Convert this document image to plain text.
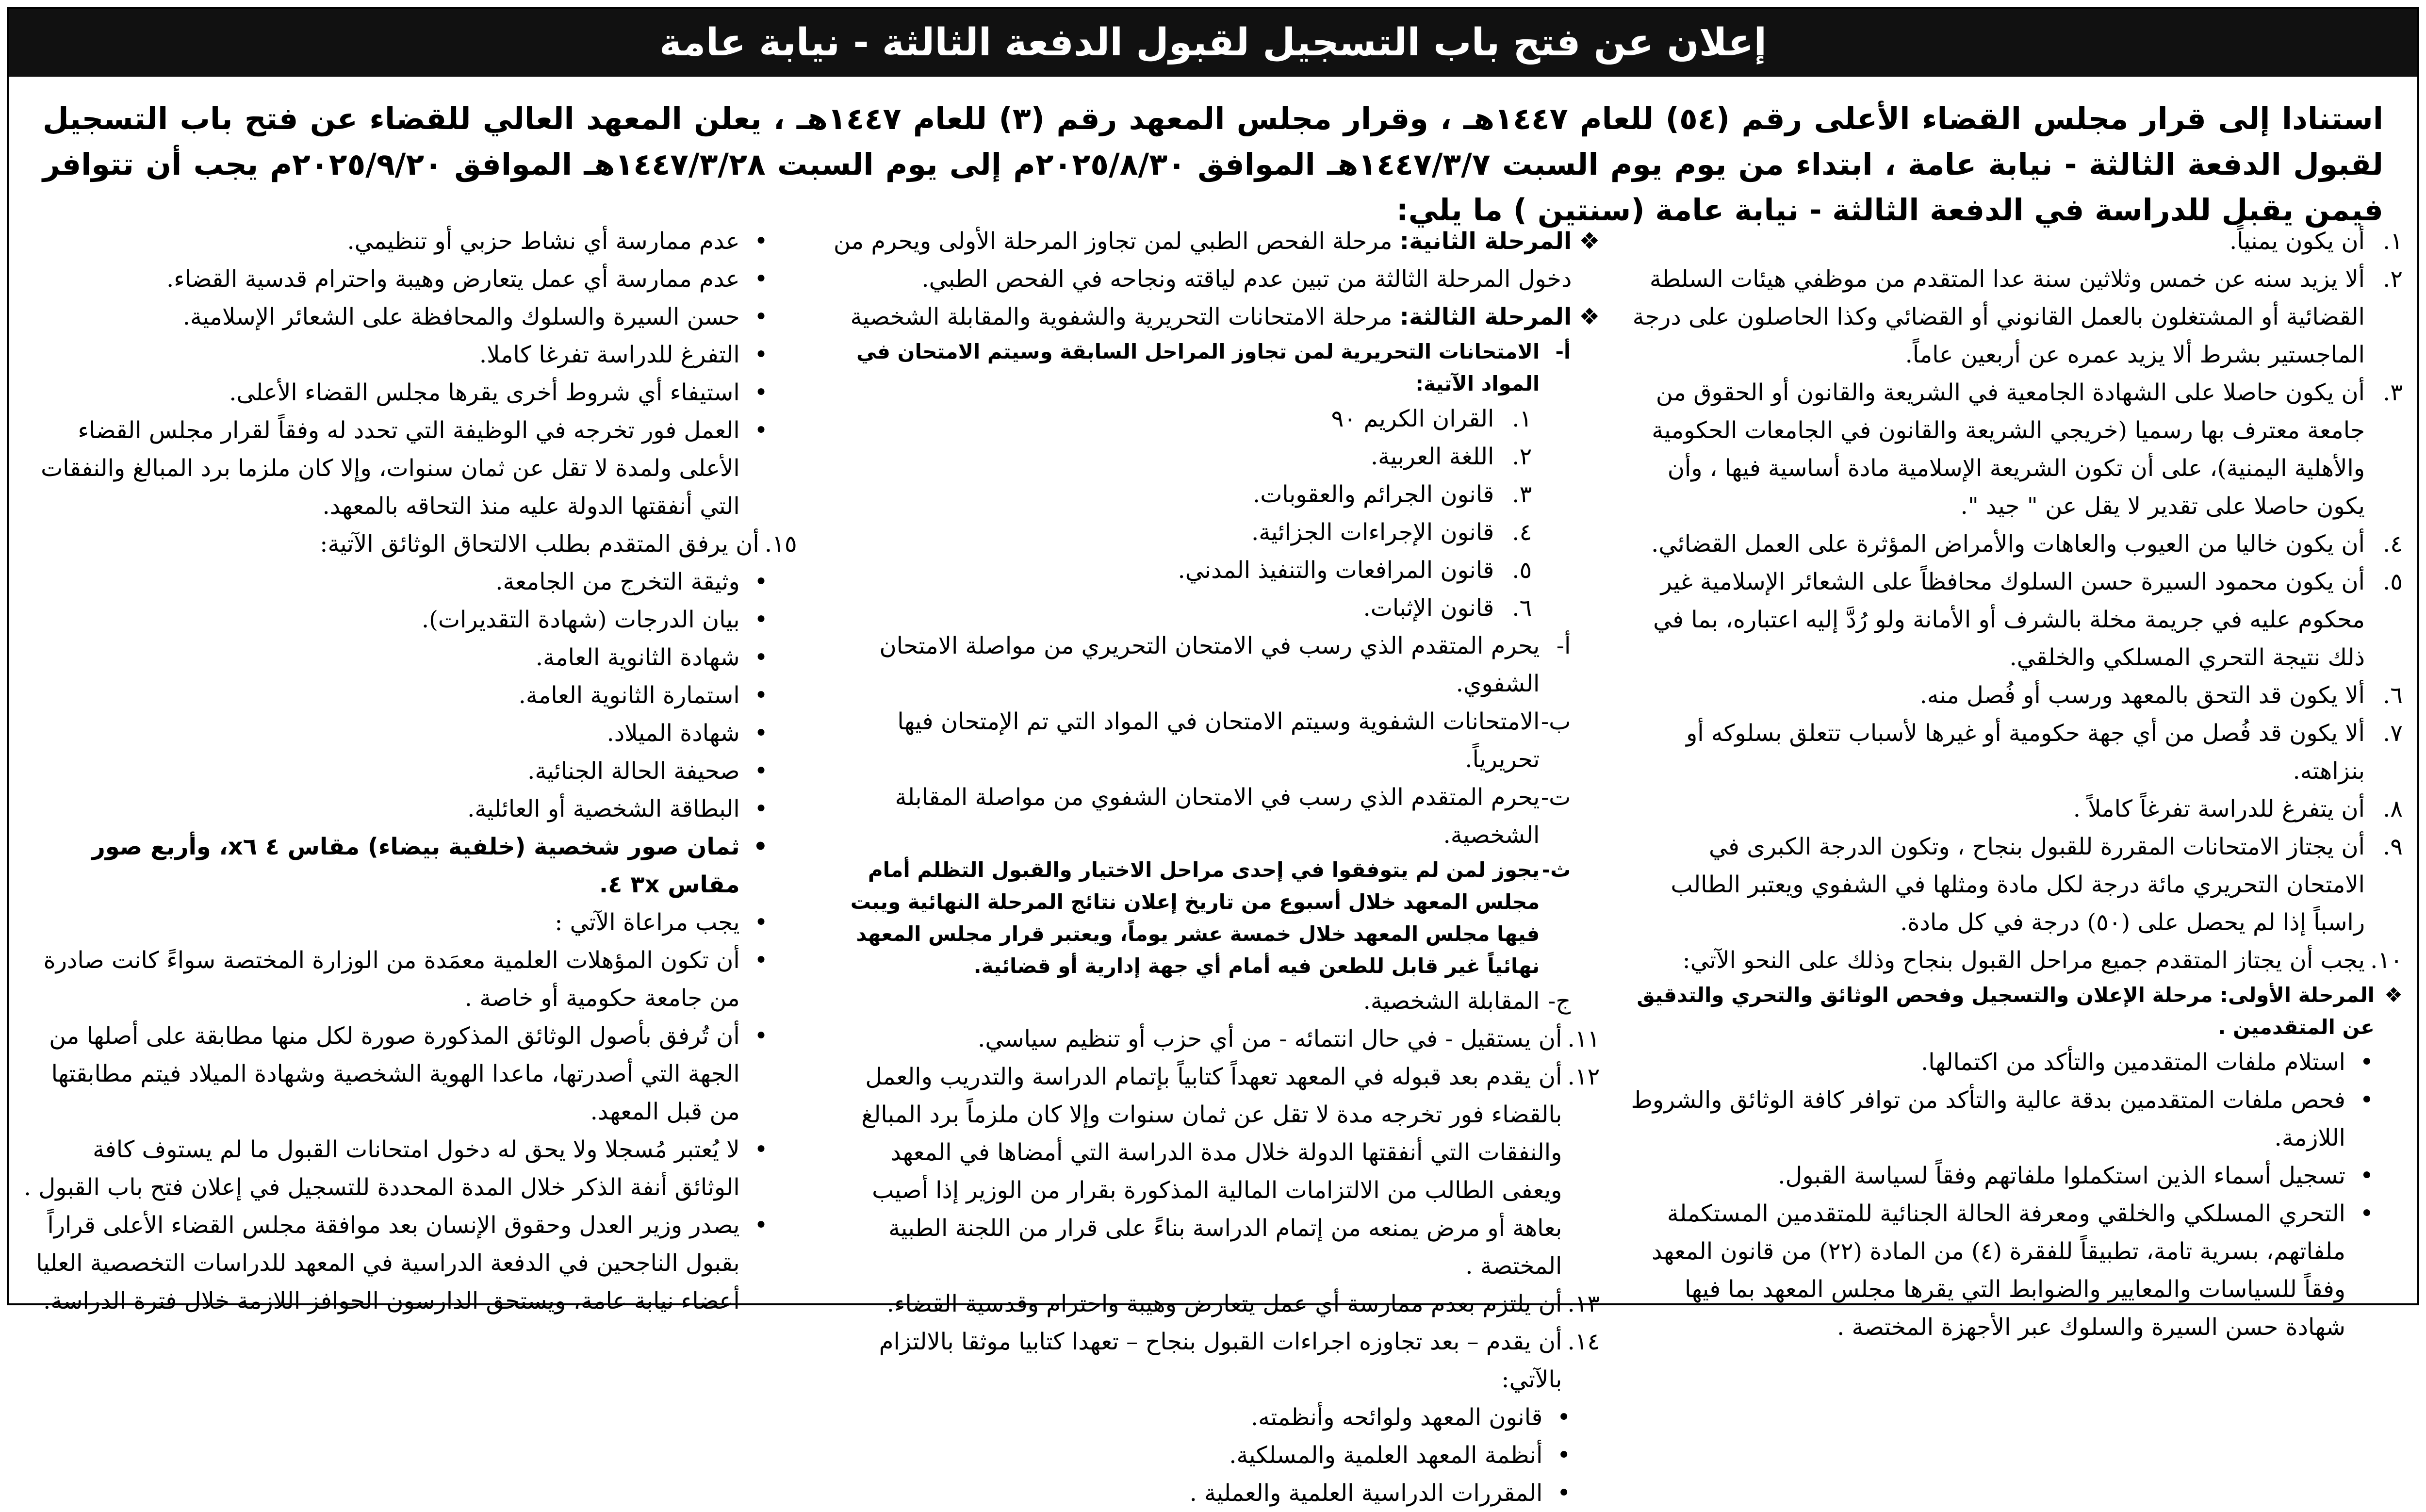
إعلان عن فتح باب التسجيل لقبول الدفعة الثالثة - نيابة عامة
استنادا إلى قرار مجلس القضاء الأعلى رقم (٥٤) للعام ١٤٤٧هـ ، وقرار مجلس المعهد رقم (٣) للعام ١٤٤٧هـ ، يعلن المعهد العالي للقضاء عن فتح باب التسجيل لقبول الدفعة الثالثة - نيابة عامة ، ابتداء من يوم يوم السبت ١٤٤٧/٣/٧هـ الموافق ٢٠٢٥/٨/٣٠م إلى يوم السبت ١٤٤٧/٣/٢٨هـ الموافق ٢٠٢٥/٩/٢٠م يجب أن تتوافر فيمن يقبل للدراسة في الدفعة الثالثة - نيابة عامة (سنتين ) ما يلي:
١.
أن يكون يمنياً.
٢.
ألا يزيد سنه عن خمس وثلاثين سنة عدا المتقدم من موظفي هيئات السلطة القضائية أو المشتغلون بالعمل القانوني أو القضائي وكذا الحاصلون على درجة الماجستير بشرط ألا يزيد عمره عن أربعين عاماً.
٣.
أن يكون حاصلا على الشهادة الجامعية في الشريعة والقانون أو الحقوق من جامعة معترف بها رسميا (خريجي الشريعة والقانون في الجامعات الحكومية والأهلية اليمنية)، على أن تكون الشريعة الإسلامية مادة أساسية فيها ، وأن يكون حاصلا على تقدير لا يقل عن " جيد ".
٤.
أن يكون خاليا من العيوب والعاهات والأمراض المؤثرة على العمل القضائي.
٥.
أن يكون محمود السيرة حسن السلوك محافظاً على الشعائر الإسلامية غير محكوم عليه في جريمة مخلة بالشرف أو الأمانة ولو رُدَّ إليه اعتباره، بما في ذلك نتيجة التحري المسلكي والخلقي.
٦.
ألا يكون قد التحق بالمعهد ورسب أو فُصل منه.
٧.
ألا يكون قد فُصل من أي جهة حكومية أو غيرها لأسباب تتعلق بسلوكه أو بنزاهته.
٨.
أن يتفرغ للدراسة تفرغاً كاملاً .
٩.
أن يجتاز الامتحانات المقررة للقبول بنجاح ، وتكون الدرجة الكبرى في الامتحان التحريري مائة درجة لكل مادة ومثلها في الشفوي ويعتبر الطالب راسباً إذا لم يحصل على (٥٠) درجة في كل مادة.
١٠.
يجب أن يجتاز المتقدم جميع مراحل القبول بنجاح وذلك على النحو الآتي:
❖
المرحلة الأولى: مرحلة الإعلان والتسجيل وفحص الوثائق والتحري والتدقيق عن المتقدمين .
•
استلام ملفات المتقدمين والتأكد من اكتمالها.
•
فحص ملفات المتقدمين بدقة عالية والتأكد من توافر كافة الوثائق والشروط اللازمة.
•
تسجيل أسماء الذين استكملوا ملفاتهم وفقاً لسياسة القبول.
•
التحري المسلكي والخلقي ومعرفة الحالة الجنائية للمتقدمين المستكملة ملفاتهم، بسرية تامة، تطبيقاً للفقرة (٤) من المادة (٢٢) من قانون المعهد وفقاً للسياسات والمعايير والضوابط التي يقرها مجلس المعهد بما فيها شهادة حسن السيرة والسلوك عبر الأجهزة المختصة .
❖
المرحلة الثانية: مرحلة الفحص الطبي لمن تجاوز المرحلة الأولى ويحرم من دخول المرحلة الثالثة من تبين عدم لياقته ونجاحه في الفحص الطبي.
❖
المرحلة الثالثة: مرحلة الامتحانات التحريرية والشفوية والمقابلة الشخصية
أ-
الامتحانات التحريرية لمن تجاوز المراحل السابقة وسيتم الامتحان في المواد الآتية:
١.
القران الكريم ٩٠
٢.
اللغة العربية.
٣.
قانون الجرائم والعقوبات.
٤.
قانون الإجراءات الجزائية.
٥.
قانون المرافعات والتنفيذ المدني.
٦.
قانون الإثبات.
أ-
يحرم المتقدم الذي رسب في الامتحان التحريري من مواصلة الامتحان الشفوي.
ب-
الامتحانات الشفوية وسيتم الامتحان في المواد التي تم الإمتحان فيها تحريرياً.
ت-
يحرم المتقدم الذي رسب في الامتحان الشفوي من مواصلة المقابلة الشخصية.
ث-
يجوز لمن لم يتوفقوا في إحدى مراحل الاختيار والقبول التظلم أمام مجلس المعهد خلال أسبوع من تاريخ إعلان نتائج المرحلة النهائية ويبت فيها مجلس المعهد خلال خمسة عشر يوماً، ويعتبر قرار مجلس المعهد نهائياً غير قابل للطعن فيه أمام أي جهة إدارية أو قضائية.
ج-
المقابلة الشخصية.
١١.
أن يستقيل - في حال انتمائه - من أي حزب أو تنظيم سياسي.
١٢.
أن يقدم بعد قبوله في المعهد تعهداً كتابياً بإتمام الدراسة والتدريب والعمل بالقضاء فور تخرجه مدة لا تقل عن ثمان سنوات وإلا كان ملزماً برد المبالغ والنفقات التي أنفقتها الدولة خلال مدة الدراسة التي أمضاها في المعهد ويعفى الطالب من الالتزامات المالية المذكورة بقرار من الوزير إذا أصيب بعاهة أو مرض يمنعه من إتمام الدراسة بناءً على قرار من اللجنة الطبية المختصة .
١٣.
أن يلتزم بعدم ممارسة أي عمل يتعارض وهيبة واحترام وقدسية القضاء.
١٤.
أن يقدم – بعد تجاوزه اجراءات القبول بنجاح – تعهدا كتابيا موثقا بالالتزام بالآتي:
•
قانون المعهد ولوائحه وأنظمته.
•
أنظمة المعهد العلمية والمسلكية.
•
المقررات الدراسية العلمية والعملية .
•
عدم ممارسة أي نشاط حزبي أو تنظيمي.
•
عدم ممارسة أي عمل يتعارض وهيبة واحترام قدسية القضاء.
•
حسن السيرة والسلوك والمحافظة على الشعائر الإسلامية.
•
التفرغ للدراسة تفرغا كاملا.
•
استيفاء أي شروط أخرى يقرها مجلس القضاء الأعلى.
•
العمل فور تخرجه في الوظيفة التي تحدد له وفقاً لقرار مجلس القضاء الأعلى ولمدة لا تقل عن ثمان سنوات، وإلا كان ملزما برد المبالغ والنفقات التي أنفقتها الدولة عليه منذ التحاقه بالمعهد.
١٥.
أن يرفق المتقدم بطلب الالتحاق الوثائق الآتية:
•
وثيقة التخرج من الجامعة.
•
بيان الدرجات (شهادة التقديرات).
•
شهادة الثانوية العامة.
•
استمارة الثانوية العامة.
•
شهادة الميلاد.
•
صحيفة الحالة الجنائية.
•
البطاقة الشخصية أو العائلية.
•
ثمان صور شخصية (خلفية بيضاء) مقاس ٤ x٦، وأربع صور مقاس ٣x ٤.
•
يجب مراعاة الآتي :
•
أن تكون المؤهلات العلمية معمَدة من الوزارة المختصة سواءً كانت صادرة من جامعة حكومية أو خاصة .
•
أن تُرفق بأصول الوثائق المذكورة صورة لكل منها مطابقة على أصلها من الجهة التي أصدرتها، ماعدا الهوية الشخصية وشهادة الميلاد فيتم مطابقتها من قبل المعهد.
•
لا يُعتبر مُسجلا ولا يحق له دخول امتحانات القبول ما لم يستوف كافة الوثائق أنفة الذكر خلال المدة المحددة للتسجيل في إعلان فتح باب القبول .
•
يصدر وزير العدل وحقوق الإنسان بعد موافقة مجلس القضاء الأعلى قراراً بقبول الناجحين في الدفعة الدراسية في المعهد للدراسات التخصصية العليا أعضاء نيابة عامة، ويستحق الدارسون الحوافز اللازمة خلال فترة الدراسة.
